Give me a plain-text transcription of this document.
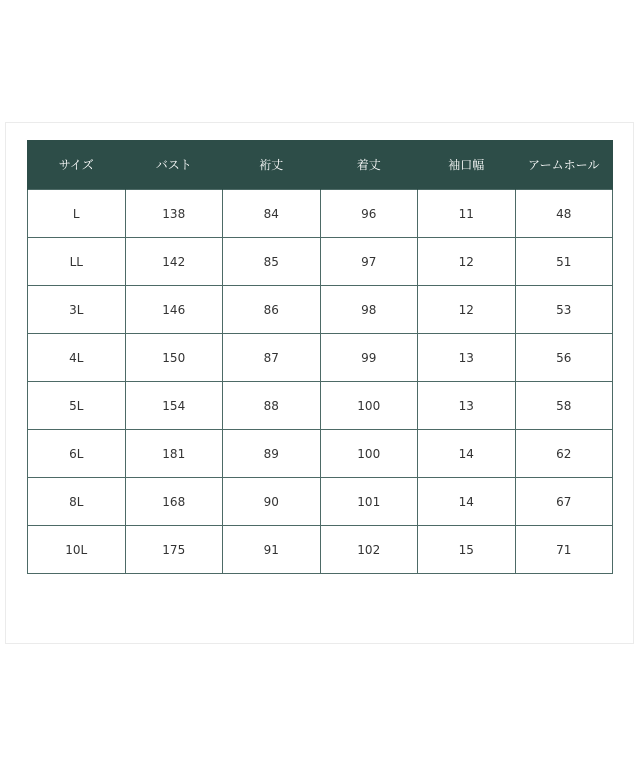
サイズ	バスト	裄丈	着丈	袖口幅	アームホール
L	138	84	96	11	48
LL	142	85	97	12	51
3L	146	86	98	12	53
4L	150	87	99	13	56
5L	154	88	100	13	58
6L	181	89	100	14	62
8L	168	90	101	14	67
10L	175	91	102	15	71
